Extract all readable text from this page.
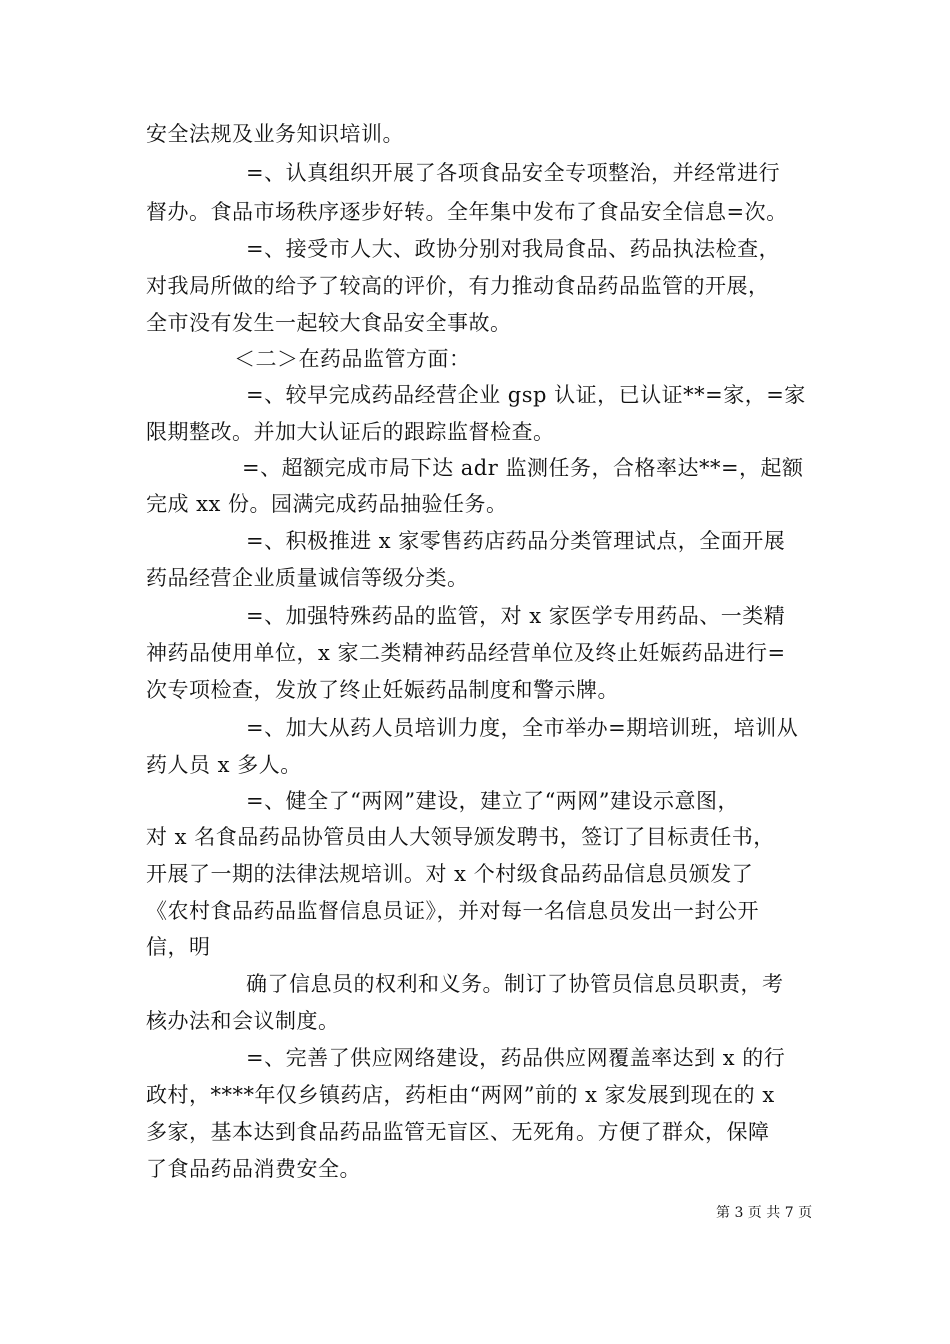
安全法规及业务知识培训。
=、认真组织开展了各项食品安全专项整治，并经常进行
督办。食品市场秩序逐步好转。全年集中发布了食品安全信息=次。
=、接受市人大、政协分别对我局食品、药品执法检查，
对我局所做的给予了较高的评价，有力推动食品药品监管的开展，
全市没有发生一起较大食品安全事故。
＜二＞在药品监管方面：
=、较早完成药品经营企业 gsp 认证，已认证**=家，=家
限期整改。并加大认证后的跟踪监督检查。
=、超额完成市局下达 adr 监测任务，合格率达**=，起额
完成 xx 份。园满完成药品抽验任务。
=、积极推进 x 家零售药店药品分类管理试点，全面开展
药品经营企业质量诚信等级分类。
=、加强特殊药品的监管，对 x 家医学专用药品、一类精
神药品使用单位，x 家二类精神药品经营单位及终止妊娠药品进行=
次专项检查，发放了终止妊娠药品制度和警示牌。
=、加大从药人员培训力度，全市举办=期培训班，培训从
药人员 x 多人。
=、健全了“两网”建设，建立了“两网”建设示意图，
对 x 名食品药品协管员由人大领导颁发聘书，签订了目标责任书，
开展了一期的法律法规培训。对 x 个村级食品药品信息员颁发了
《农村食品药品监督信息员证》，并对每一名信息员发出一封公开
信，明
确了信息员的权利和义务。制订了协管员信息员职责，考
核办法和会议制度。
=、完善了供应网络建设，药品供应网覆盖率达到 x 的行
政村，****年仅乡镇药店，药柜由“两网”前的 x 家发展到现在的 x
多家，基本达到食品药品监管无盲区、无死角。方便了群众，保障
了食品药品消费安全。
第 3 页 共 7 页
